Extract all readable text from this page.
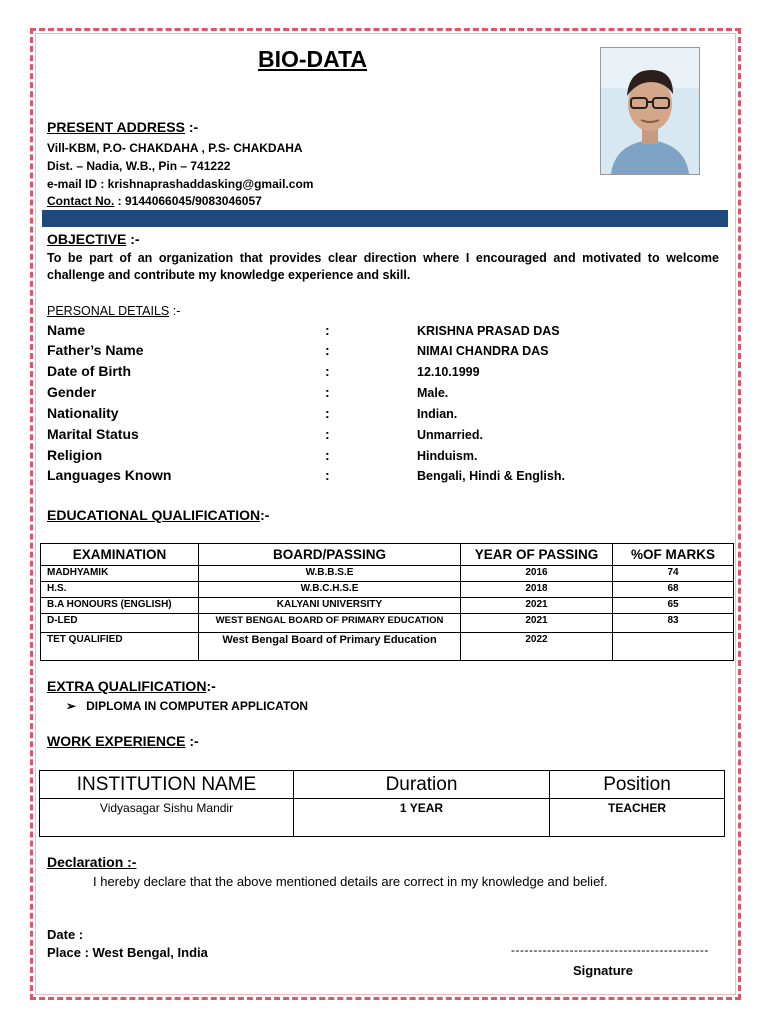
BIO-DATA
PRESENT ADDRESS :-
Vill-KBM, P.O- CHAKDAHA , P.S- CHAKDAHA
Dist. – Nadia, W.B., Pin – 741222
e-mail ID : krishnaprashaddasking@gmail.com
Contact No. : 9144066045/9083046057
OBJECTIVE :-
To be part of an organization that provides clear direction where I encouraged and motivated to welcome challenge and contribute my knowledge experience and skill.
PERSONAL DETAILS :-
Name	:	KRISHNA PRASAD DAS
Father’s Name	:	NIMAI CHANDRA DAS
Date of Birth	:	12.10.1999
Gender	:	Male.
Nationality	:	Indian.
Marital Status	:	Unmarried.
Religion	:	Hinduism.
Languages Known	:	Bengali, Hindi & English.
EDUCATIONAL QUALIFICATION:-
EXAMINATION	BOARD/PASSING	YEAR OF PASSING	%OF MARKS
MADHYAMIK	W.B.B.S.E	2016	74
H.S.	W.B.C.H.S.E	2018	68
B.A HONOURS (ENGLISH)	KALYANI UNIVERSITY	2021	65
D-LED	WEST BENGAL BOARD OF PRIMARY EDUCATION	2021	83
TET QUALIFIED	West Bengal Board of Primary Education	2022	
EXTRA QUALIFICATION:-
➢ DIPLOMA IN COMPUTER APPLICATON
WORK EXPERIENCE :-
INSTITUTION NAME	Duration	Position
Vidyasagar Sishu Mandir	1 YEAR	TEACHER
Declaration :-
I hereby declare that the above mentioned details are correct in my knowledge and belief.
Date :
Place : West Bengal, India	--------------------------------------------
Signature
